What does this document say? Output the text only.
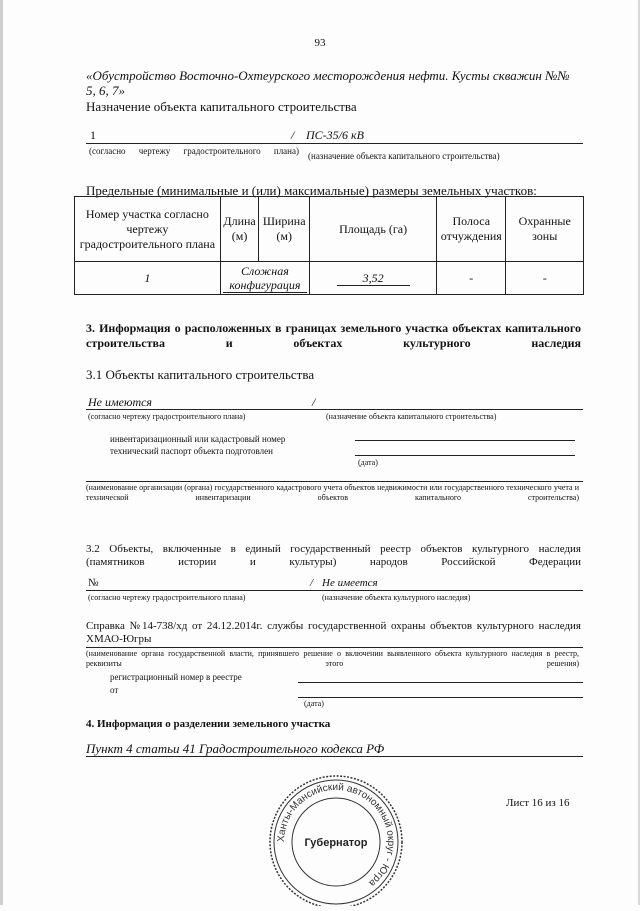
93
«Обустройство Восточно-Охтеурского месторождения нефти. Кусты скважин №№ 5, 6, 7»
Назначение объекта капитального строительства
1	/ ПС-35/6 кВ
(согласно чертежу градостроительного плана) (назначение объекта капитального строительства)
Предельные (минимальные и (или) максимальные) размеры земельных участков:
Номер участка согласно чертежу градостроительного плана	Длина (м)	Ширина (м)	Площадь (га)	Полоса отчуждения	Охранные зоны
1	Сложная конфигурация		3,52	-	-
3. Информация о расположенных в границах земельного участка объектах капитального строительства и объектах культурного наследия
3.1 Объекты капитального строительства
Не имеются	/
(согласно чертежу градостроительного плана)	(назначение объекта капитального строительства)
инвентаризационный или кадастровый номер
технический паспорт объекта подготовлен
(дата)
(наименование организации (органа) государственного кадастрового учета объектов недвижимости или государственного технического учета и технической инвентаризации объектов капитального строительства)
3.2 Объекты, включенные в единый государственный реестр объектов культурного наследия (памятников истории и культуры) народов Российской Федерации
№	/ Не имеется
(согласно чертежу градостроительного плана)	(назначение объекта культурного наследия)
Справка №14-738/хд от 24.12.2014г. службы государственной охраны объектов культурного наследия ХМАО-Югры
(наименование органа государственной власти, принявшего решение о включении выявленного объекта культурного наследия в реестр, реквизиты этого решения)
регистрационный номер в реестре
от
(дата)
4. Информация о разделении земельного участка
Пункт 4 статьи 41 Градостроительного кодекса РФ
Лист 16 из 16
Ханты-Мансийский автономный округ - Югра
Губернатор
